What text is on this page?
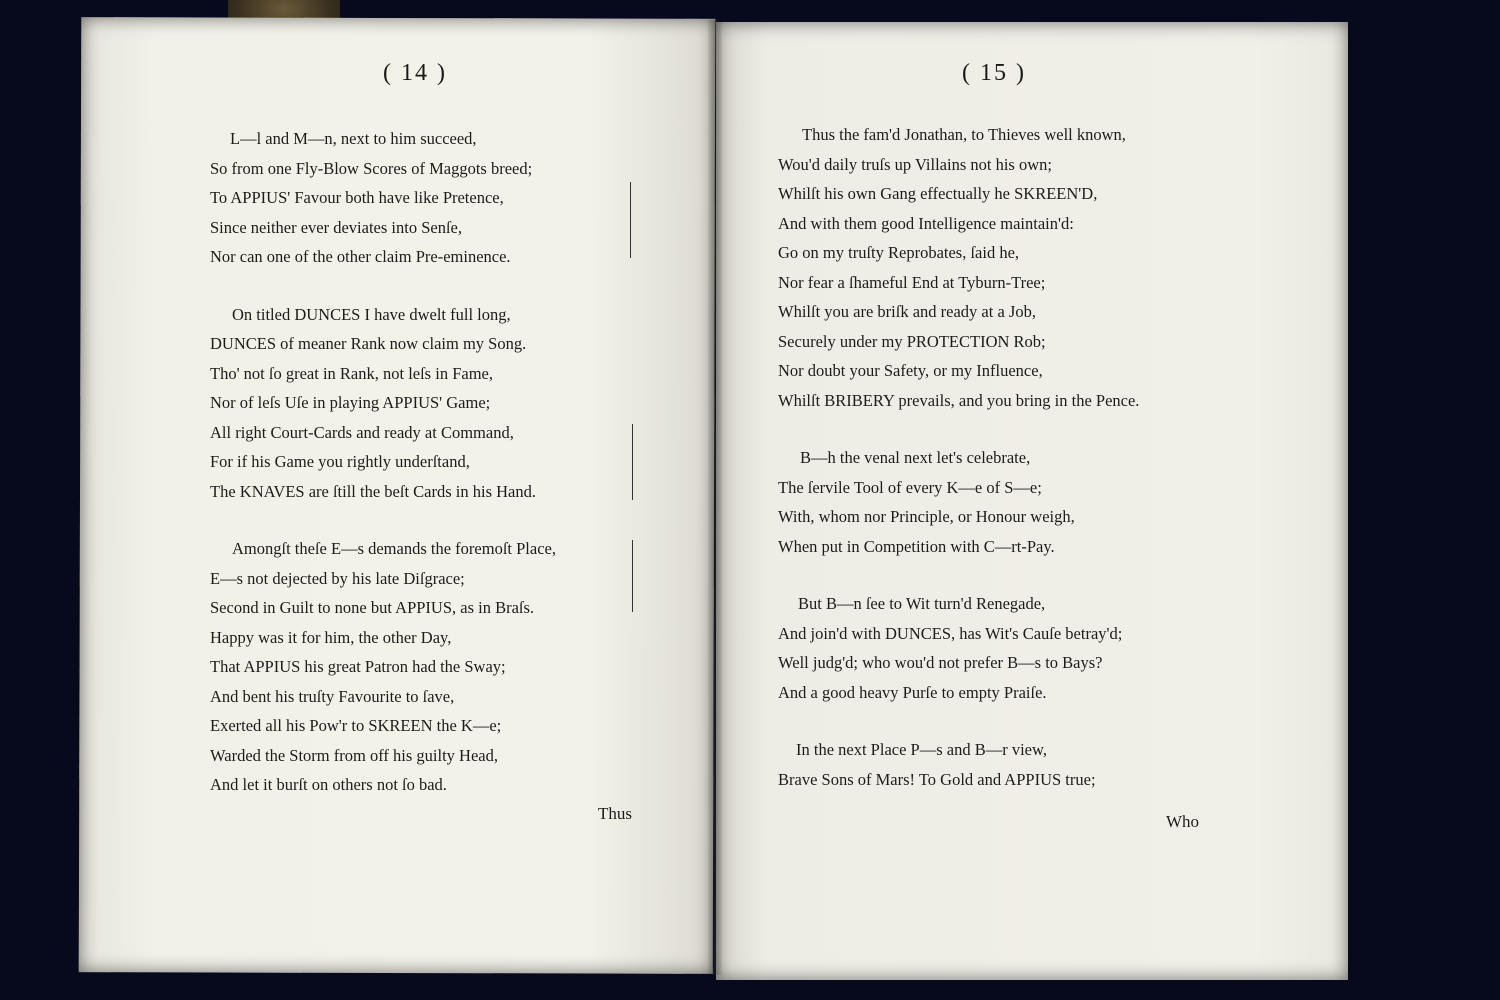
( 14 )
L—l and M—n, next to him succeed,
So from one Fly-Blow Scores of Maggots breed;
To APPIUS' Favour both have like Pretence,
Since neither ever deviates into Senſe,
Nor can one of the other claim Pre-eminence.
On titled DUNCES I have dwelt full long,
DUNCES of meaner Rank now claim my Song.
Tho' not ſo great in Rank, not leſs in Fame,
Nor of leſs Uſe in playing APPIUS' Game;
All right Court-Cards and ready at Command,
For if his Game you rightly underſtand,
The KNAVES are ſtill the beſt Cards in his Hand.
Amongſt theſe E—s demands the foremoſt Place,
E—s not dejected by his late Diſgrace;
Second in Guilt to none but APPIUS, as in Braſs.
Happy was it for him, the other Day,
That APPIUS his great Patron had the Sway;
And bent his truſty Favourite to ſave,
Exerted all his Pow'r to SKREEN the K—e;
Warded the Storm from off his guilty Head,
And let it burſt on others not ſo bad.
Thus
( 15 )
Thus the fam'd Jonathan, to Thieves well known,
Wou'd daily truſs up Villains not his own;
Whilſt his own Gang effectually he SKREEN'D,
And with them good Intelligence maintain'd:
Go on my truſty Reprobates, ſaid he,
Nor fear a ſhameful End at Tyburn-Tree;
Whilſt you are briſk and ready at a Job,
Securely under my PROTECTION Rob;
Nor doubt your Safety, or my Influence,
Whilſt BRIBERY prevails, and you bring in the Pence.
B—h the venal next let's celebrate,
The ſervile Tool of every K—e of S—e;
With, whom nor Principle, or Honour weigh,
When put in Competition with C—rt-Pay.
But B—n ſee to Wit turn'd Renegade,
And join'd with DUNCES, has Wit's Cauſe betray'd;
Well judg'd; who wou'd not prefer B—s to Bays?
And a good heavy Purſe to empty Praiſe.
In the next Place P—s and B—r view,
Brave Sons of Mars! To Gold and APPIUS true;
Who
